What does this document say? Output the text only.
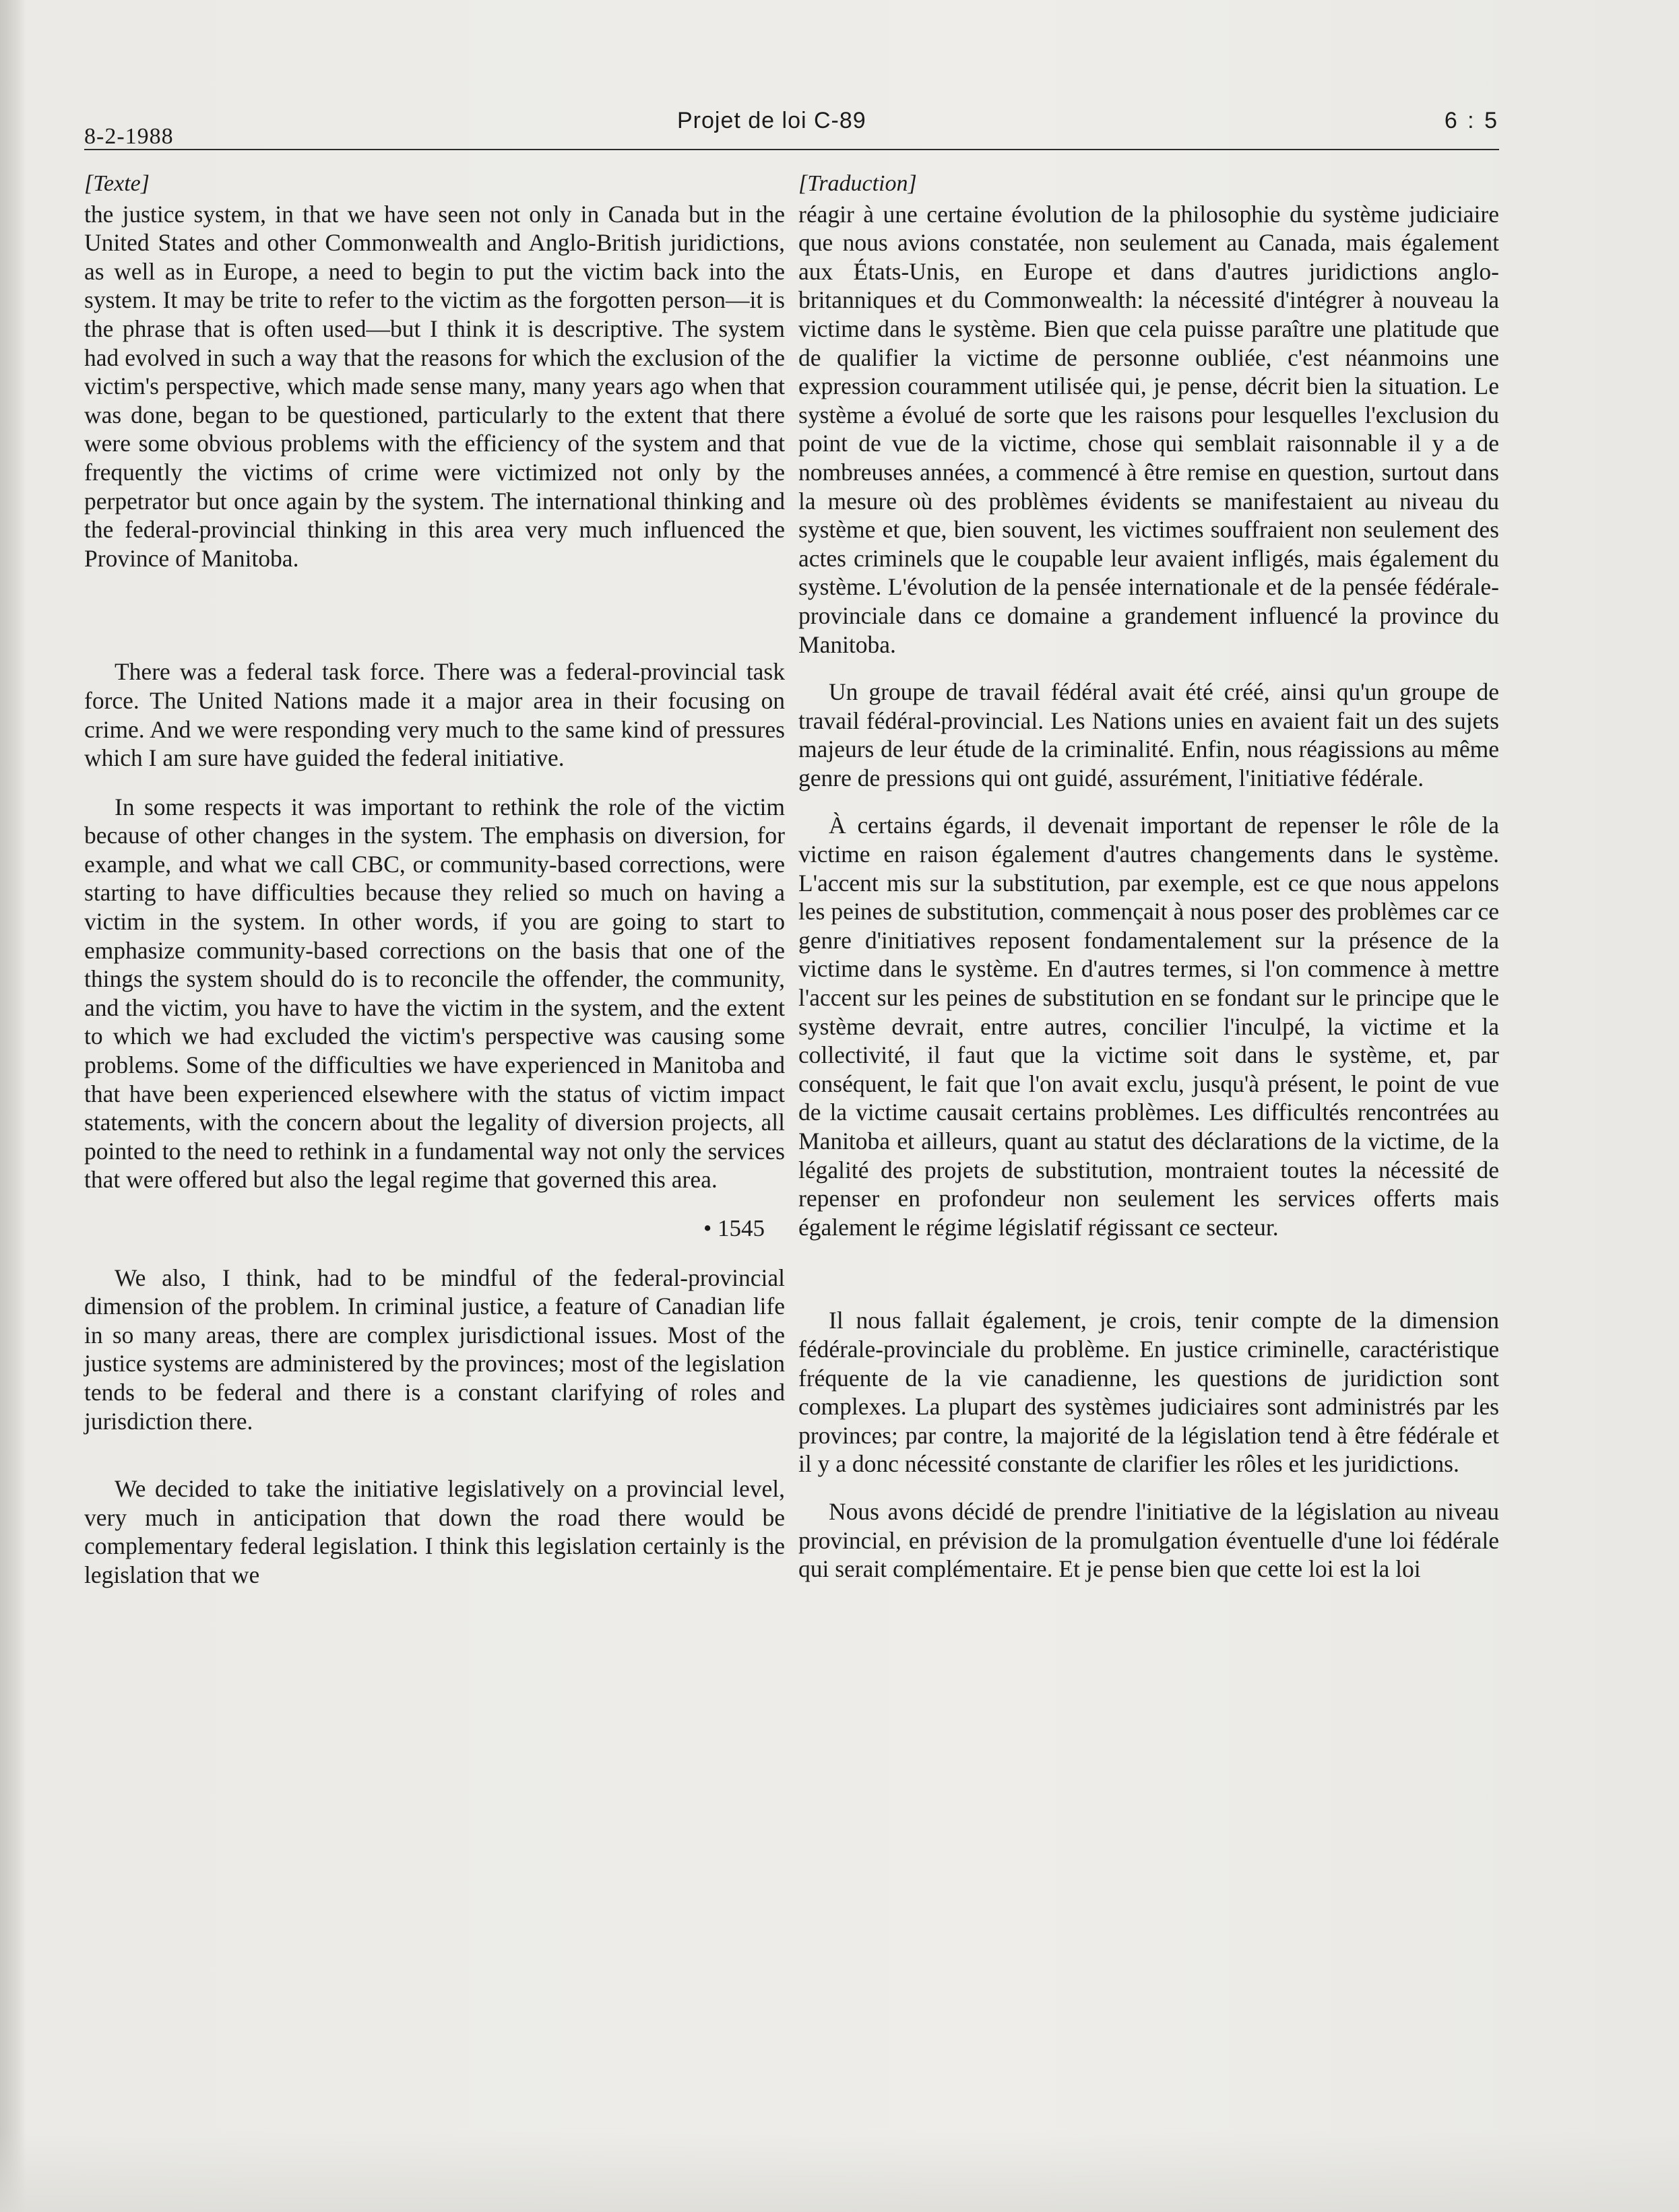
8-2-1988
Projet de loi C-89	6 : 5

[Texte]

the justice system, in that we have seen not only in Canada but in the United States and other Commonwealth and Anglo-British juridictions, as well as in Europe, a need to begin to put the victim back into the system. It may be trite to refer to the victim as the forgotten person—it is the phrase that is often used—but I think it is descriptive. The system had evolved in such a way that the reasons for which the exclusion of the victim's perspective, which made sense many, many years ago when that was done, began to be questioned, particularly to the extent that there were some obvious problems with the efficiency of the system and that frequently the victims of crime were victimized not only by the perpetrator but once again by the system. The international thinking and the federal-provincial thinking in this area very much influenced the Province of Manitoba.

There was a federal task force. There was a federal-provincial task force. The United Nations made it a major area in their focusing on crime. And we were responding very much to the same kind of pressures which I am sure have guided the federal initiative.

In some respects it was important to rethink the role of the victim because of other changes in the system. The emphasis on diversion, for example, and what we call CBC, or community-based corrections, were starting to have difficulties because they relied so much on having a victim in the system. In other words, if you are going to start to emphasize community-based corrections on the basis that one of the things the system should do is to reconcile the offender, the community, and the victim, you have to have the victim in the system, and the extent to which we had excluded the victim's perspective was causing some problems. Some of the difficulties we have experienced in Manitoba and that have been experienced elsewhere with the status of victim impact statements, with the concern about the legality of diversion projects, all pointed to the need to rethink in a fundamental way not only the services that were offered but also the legal regime that governed this area.

• 1545

We also, I think, had to be mindful of the federal-provincial dimension of the problem. In criminal justice, a feature of Canadian life in so many areas, there are complex jurisdictional issues. Most of the justice systems are administered by the provinces; most of the legislation tends to be federal and there is a constant clarifying of roles and jurisdiction there.

We decided to take the initiative legislatively on a provincial level, very much in anticipation that down the road there would be complementary federal legislation. I think this legislation certainly is the legislation that we

[Traduction]

réagir à une certaine évolution de la philosophie du système judiciaire que nous avions constatée, non seulement au Canada, mais également aux États-Unis, en Europe et dans d'autres juridictions anglo-britanniques et du Commonwealth: la nécessité d'intégrer à nouveau la victime dans le système. Bien que cela puisse paraître une platitude que de qualifier la victime de personne oubliée, c'est néanmoins une expression couramment utilisée qui, je pense, décrit bien la situation. Le système a évolué de sorte que les raisons pour lesquelles l'exclusion du point de vue de la victime, chose qui semblait raisonnable il y a de nombreuses années, a commencé à être remise en question, surtout dans la mesure où des problèmes évidents se manifestaient au niveau du système et que, bien souvent, les victimes souffraient non seulement des actes criminels que le coupable leur avaient infligés, mais également du système. L'évolution de la pensée internationale et de la pensée fédérale-provinciale dans ce domaine a grandement influencé la province du Manitoba.

Un groupe de travail fédéral avait été créé, ainsi qu'un groupe de travail fédéral-provincial. Les Nations unies en avaient fait un des sujets majeurs de leur étude de la criminalité. Enfin, nous réagissions au même genre de pressions qui ont guidé, assurément, l'initiative fédérale.

À certains égards, il devenait important de repenser le rôle de la victime en raison également d'autres changements dans le système. L'accent mis sur la substitution, par exemple, est ce que nous appelons les peines de substitution, commençait à nous poser des problèmes car ce genre d'initiatives reposent fondamentalement sur la présence de la victime dans le système. En d'autres termes, si l'on commence à mettre l'accent sur les peines de substitution en se fondant sur le principe que le système devrait, entre autres, concilier l'inculpé, la victime et la collectivité, il faut que la victime soit dans le système, et, par conséquent, le fait que l'on avait exclu, jusqu'à présent, le point de vue de la victime causait certains problèmes. Les difficultés rencontrées au Manitoba et ailleurs, quant au statut des déclarations de la victime, de la légalité des projets de substitution, montraient toutes la nécessité de repenser en profondeur non seulement les services offerts mais également le régime législatif régissant ce secteur.

Il nous fallait également, je crois, tenir compte de la dimension fédérale-provinciale du problème. En justice criminelle, caractéristique fréquente de la vie canadienne, les questions de juridiction sont complexes. La plupart des systèmes judiciaires sont administrés par les provinces; par contre, la majorité de la législation tend à être fédérale et il y a donc nécessité constante de clarifier les rôles et les juridictions.

Nous avons décidé de prendre l'initiative de la législation au niveau provincial, en prévision de la promulgation éventuelle d'une loi fédérale qui serait complémentaire. Et je pense bien que cette loi est la loi
